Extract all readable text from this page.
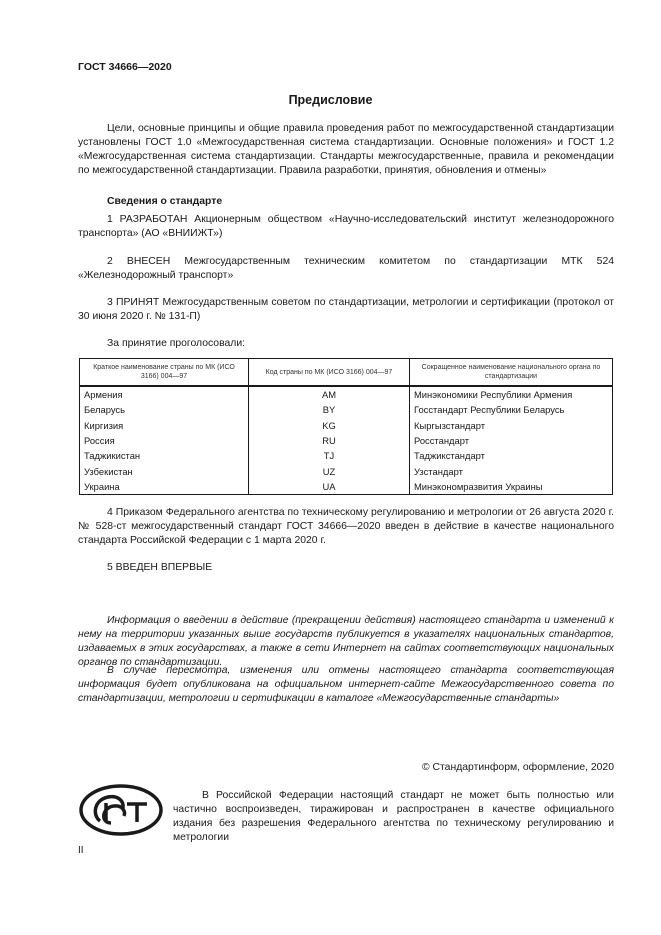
ГОСТ 34666—2020
Предисловие
Цели, основные принципы и общие правила проведения работ по межгосударственной стандартизации установлены ГОСТ 1.0 «Межгосударственная система стандартизации. Основные положения» и ГОСТ 1.2 «Межгосударственная система стандартизации. Стандарты межгосударственные, правила и рекомендации по межгосударственной стандартизации. Правила разработки, принятия, обновления и отмены»
Сведения о стандарте
1 РАЗРАБОТАН Акционерным обществом «Научно-исследовательский институт железнодорожного транспорта» (АО «ВНИИЖТ»)
2 ВНЕСЕН Межгосударственным техническим комитетом по стандартизации МТК 524 «Железнодорожный транспорт»
3 ПРИНЯТ Межгосударственным советом по стандартизации, метрологии и сертификации (протокол от 30 июня 2020 г. № 131-П)
За принятие проголосовали:
Краткое наименование страны по МК (ИСО 3166) 004—97	Код страны по МК (ИСО 3166) 004—97	Сокращенное наименование национального органа по стандартизации
Армения	AM	Минэкономики Республики Армения
Беларусь	BY	Госстандарт Республики Беларусь
Киргизия	KG	Кыргызстандарт
Россия	RU	Росстандарт
Таджикистан	TJ	Таджикстандарт
Узбекистан	UZ	Узстандарт
Украина	UA	Минэкономразвития Украины
4 Приказом Федерального агентства по техническому регулированию и метрологии от 26 августа 2020 г. № 528-ст межгосударственный стандарт ГОСТ 34666—2020 введен в действие в качестве национального стандарта Российской Федерации с 1 марта 2020 г.
5 ВВЕДЕН ВПЕРВЫЕ
Информация о введении в действие (прекращении действия) настоящего стандарта и изменений к нему на территории указанных выше государств публикуется в указателях национальных стандартов, издаваемых в этих государствах, а также в сети Интернет на сайтах соответствующих национальных органов по стандартизации.
В случае пересмотра, изменения или отмены настоящего стандарта соответствующая информация будет опубликована на официальном интернет-сайте Межгосударственного совета по стандартизации, метрологии и сертификации в каталоге «Межгосударственные стандарты»
© Стандартинформ, оформление, 2020
В Российской Федерации настоящий стандарт не может быть полностью или частично воспроизведен, тиражирован и распространен в качестве официального издания без разрешения Федерального агентства по техническому регулированию и метрологии
II
